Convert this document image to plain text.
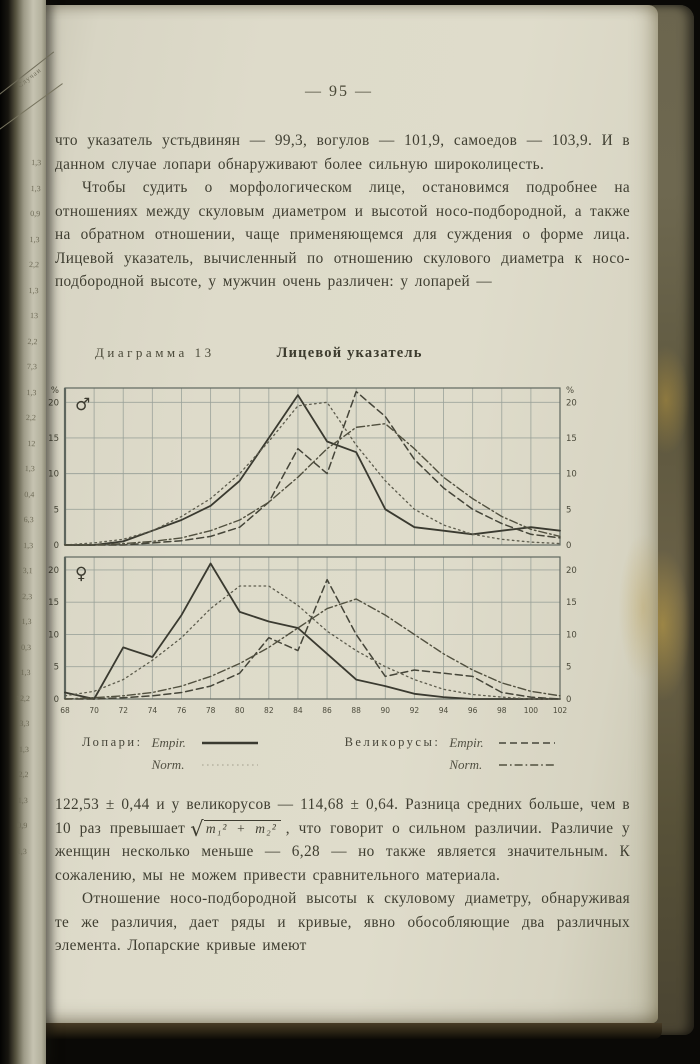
Случаи
1,3
1,3
0,9
1,3
2,2
1,3
13
2,2
7,3
1,3
2,2
12
1,3
0,4
6,3
1,3
3,1
2,3
1,3
0,3
1,3
12,2
3,3
1,3
2,2
1,3
0,9
1,3
— 95 —

что указатель устьдвинян — 99,3, вогулов — 101,9, самоедов — 103,9. И в данном случае лопари обнаруживают более сильную широколицесть.

Чтобы судить о морфологическом лице, остановимся подробнее на отношениях между скуловым диаметром и высотой носо-подбородной, а также на обратном отношении, чаще применяющемся для суждения о форме лица. Лицевой указатель, вычисленный по отношению скулового диаметра к носо-подбородной высоте, у мужчин очень различен: у лопарей —

Диаграмма 13	Лицевой указатель
0	0
5	5
10	10
15	15
20	20
%	%
♂
0	0
5	5
10	10
15	15
20	20
♀
68	70	72	74	76	78	80	82	84	86	88	90	92	94	96	98 100 102
Лопари: Empir.
Norm.
Великорусы: Empir.
Norm.

122,53 ± 0,44 и у великорусов — 114,68 ± 0,64. Разница средних больше, чем в 10 раз превышает √ m₁² + m₂² , что говорит о сильном различии. Различие у женщин несколько меньше — 6,28 — но также является значительным. К сожалению, мы не можем привести сравнительного материала.

Отношение носо-подбородной высоты к скуловому диаметру, обнаруживая те же различия, дает ряды и кривые, явно обособляющие два различных элемента. Лопарские кривые имеют
